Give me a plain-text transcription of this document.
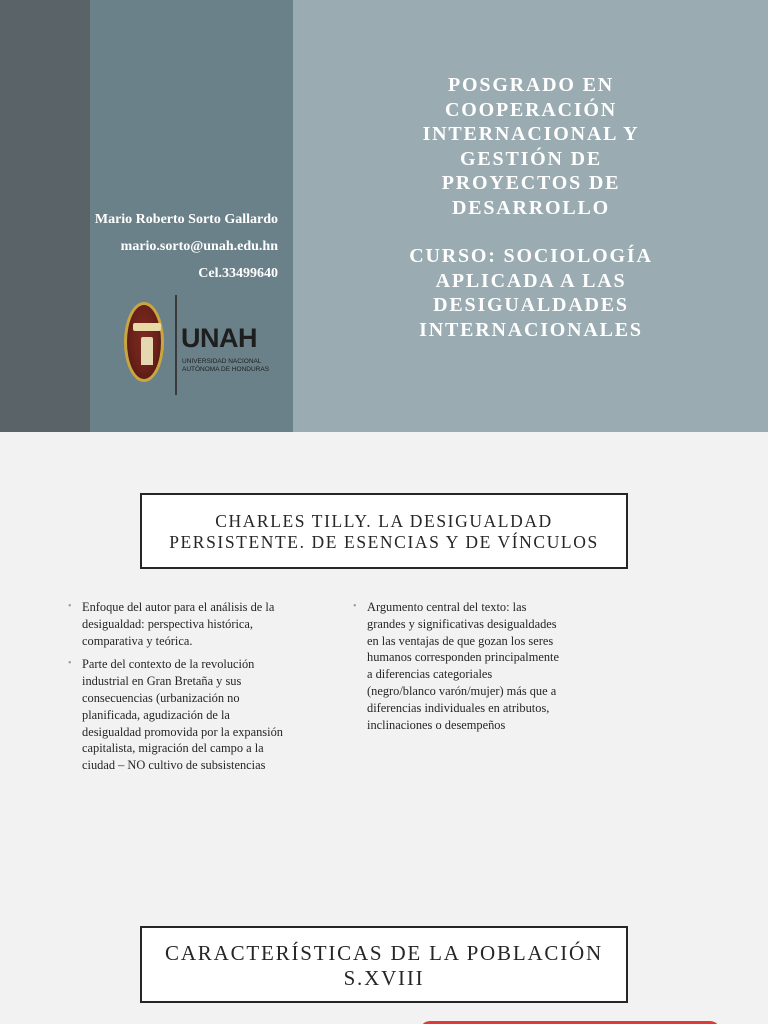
Mario Roberto Sorto Gallardo
mario.sorto@unah.edu.hn
Cel.33499640
UNAH
UNIVERSIDAD NACIONAL
AUTÓNOMA DE HONDURAS
POSGRADO EN
COOPERACIÓN
INTERNACIONAL Y
GESTIÓN DE
PROYECTOS DE
DESARROLLO
CURSO: SOCIOLOGÍA
APLICADA A LAS
DESIGUALDADES
INTERNACIONALES
CHARLES TILLY. LA DESIGUALDAD
PERSISTENTE. DE ESENCIAS Y DE VÍNCULOS
• Enfoque del autor para el análisis de la desigualdad: perspectiva histórica, comparativa y teórica.
• Parte del contexto de la revolución industrial en Gran Bretaña y sus consecuencias (urbanización no planificada, agudización de la desigualdad promovida por la expansión capitalista, migración del campo a la ciudad – NO cultivo de subsistencias
• Argumento central del texto: las grandes y significativas desigualdades en las ventajas de que gozan los seres humanos corresponden principalmente a diferencias categoriales (negro/blanco varón/mujer) más que a diferencias individuales en atributos, inclinaciones o desempeños
CARACTERÍSTICAS DE LA POBLACIÓN
S.XVIII
